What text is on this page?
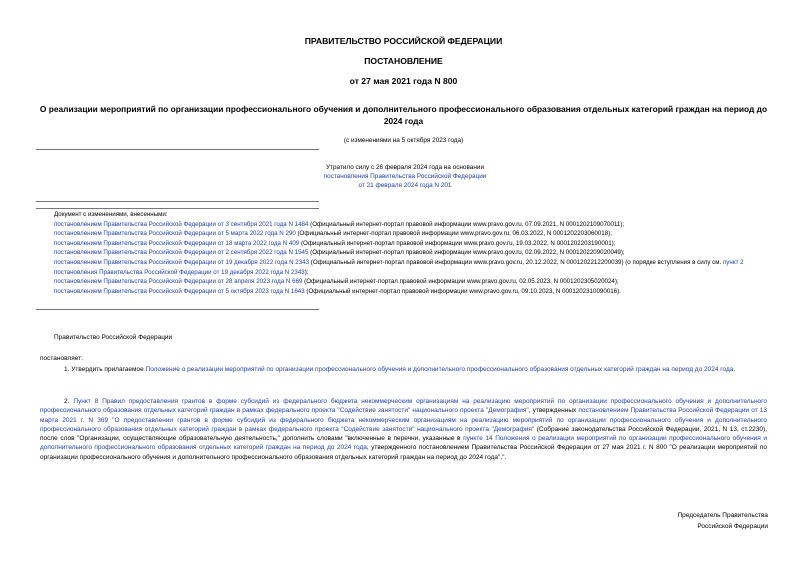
ПРАВИТЕЛЬСТВО РОССИЙСКОЙ ФЕДЕРАЦИИ
ПОСТАНОВЛЕНИЕ
от 27 мая 2021 года N 800
О реализации мероприятий по организации профессионального обучения и дополнительного профессионального образования отдельных категорий граждан на период до 2024 года
(с изменениями на 5 октября 2023 года)
Утратило силу с 26 февраля 2024 года на основании
постановления Правительства Российской Федерации
от 21 февраля 2024 года N 201

Документ с изменениями, внесенными:

постановлением Правительства Российской Федерации от 3 сентября 2021 года N 1484 (Официальный интернет-портал правовой информации www.pravo.gov.ru, 07.09.2021, N 0001202109070011);

постановлением Правительства Российской Федерации от 5 марта 2022 года N 290 (Официальный интернет-портал правовой информации www.pravo.gov.ru, 06.03.2022, N 0001202203060018);

постановлением Правительства Российской Федерации от 18 марта 2022 года N 409 (Официальный интернет-портал правовой информации www.pravo.gov.ru, 19.03.2022, N 0001202203190001);

постановлением Правительства Российской Федерации от 2 сентября 2022 года N 1545 (Официальный интернет-портал правовой информации www.pravo.gov.ru, 02.09.2022, N 0001202209020049);

постановлением Правительства Российской Федерации от 19 декабря 2022 года N 2343 (Официальный интернет-портал правовой информации www.pravo.gov.ru, 20.12.2022, N 0001202212200039) (о порядке вступления в силу см. пункт 2 постановления Правительства Российской Федерации от 19 декабря 2022 года N 2343);

постановлением Правительства Российской Федерации от 28 апреля 2023 года N 669 (Официальный интернет-портал правовой информации www.pravo.gov.ru, 02.05.2023, N 0001202305020024);

постановлением Правительства Российской Федерации от 5 октября 2023 года N 1643 (Официальный интернет-портал правовой информации www.pravo.gov.ru, 09.10.2023, N 0001202310090016).

Правительство Российской Федерации
постановляет:
1. Утвердить прилагаемое Положение о реализации мероприятий по организации профессионального обучения и дополнительного профессионального образования отдельных категорий граждан на период до 2024 года.
2. Пункт 8 Правил предоставления грантов в форме субсидий из федерального бюджета некоммерческим организациям на реализацию мероприятий по организации профессионального обучения и дополнительного профессионального образования отдельных категорий граждан в рамках федерального проекта "Содействие занятости" национального проекта "Демография", утвержденных постановлением Правительства Российской Федерации от 13 марта 2021 г. N 369 "О предоставлении грантов в форме субсидий из федерального бюджета некоммерческим организациям на реализацию мероприятий по организации профессионального обучения и дополнительного профессионального образования отдельных категорий граждан в рамках федерального проекта "Содействие занятости" национального проекта "Демография" (Собрание законодательства Российской Федерации, 2021, N 13, ст.2230), после слов "Организации, осуществляющие образовательную деятельность," дополнить словами "включенные в перечни, указанные в пункте 14 Положения о реализации мероприятий по организации профессионального обучения и дополнительного профессионального образования отдельных категорий граждан на период до 2024 года, утвержденного постановлением Правительства Российской Федерации от 27 мая 2021 г. N 800 "О реализации мероприятий по организации профессионального обучения и дополнительного профессионального образования отдельных категорий граждан на период до 2024 года",".
Председатель Правительства
Российской Федерации
